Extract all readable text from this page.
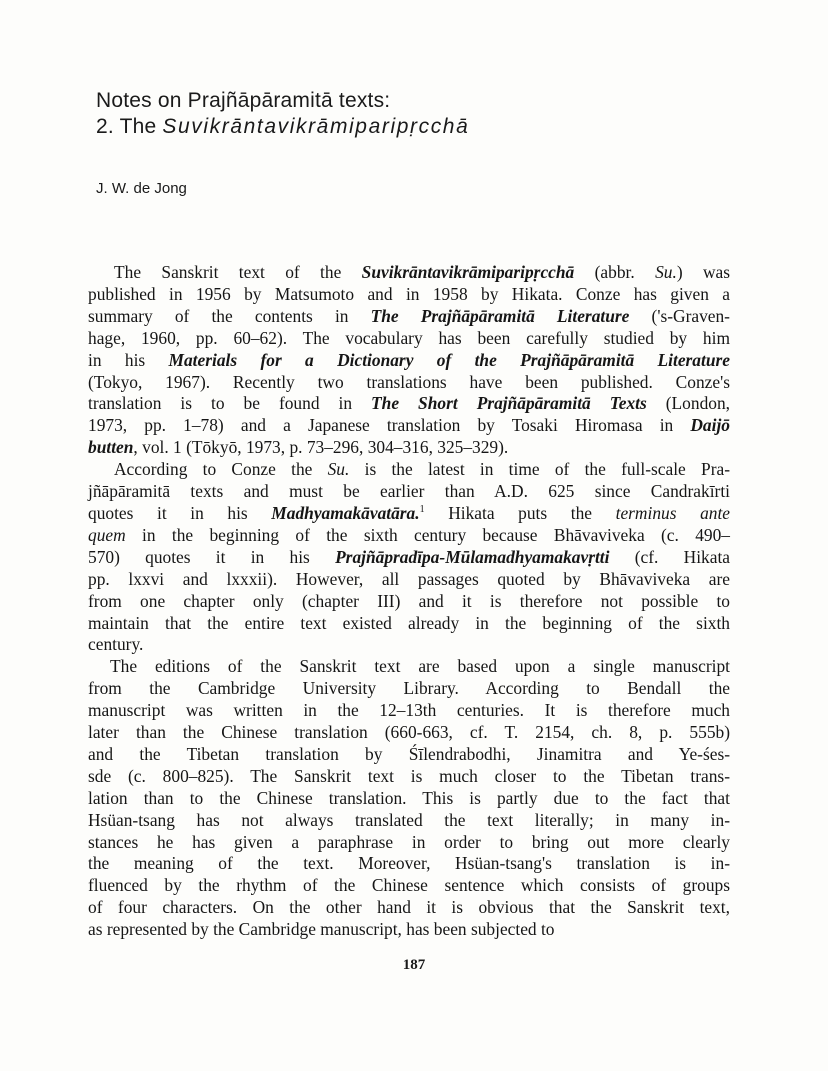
Notes on Prajñāpāramitā texts:
2. The Suvikrāntavikrāmiparipṛcchā
J. W. de Jong
The Sanskrit text of the Suvikrāntavikrāmiparipṛcchā (abbr. Su.) was
published in 1956 by Matsumoto and in 1958 by Hikata. Conze has given a
summary of the contents in The Prajñāpāramitā Literature ('s-Graven-
hage, 1960, pp. 60–62). The vocabulary has been carefully studied by him
in his Materials for a Dictionary of the Prajñāpāramitā Literature
(Tokyo, 1967). Recently two translations have been published. Conze's
translation is to be found in The Short Prajñāpāramitā Texts (London,
1973, pp. 1–78) and a Japanese translation by Tosaki Hiromasa in Daijō
butten, vol. 1 (Tōkyō, 1973, p. 73–296, 304–316, 325–329).
According to Conze the Su. is the latest in time of the full-scale Pra-
jñāpāramitā texts and must be earlier than A.D. 625 since Candrakīrti
quotes it in his Madhyamakāvatāra.$^1$ Hikata puts the terminus ante
quem in the beginning of the sixth century because Bhāvaviveka (c. 490–
570) quotes it in his Prajñāpradīpa-Mūlamadhyamakavṛtti (cf. Hikata
pp. lxxvi and lxxxii). However, all passages quoted by Bhāvaviveka are
from one chapter only (chapter III) and it is therefore not possible to
maintain that the entire text existed already in the beginning of the sixth
century.
The editions of the Sanskrit text are based upon a single manuscript
from the Cambridge University Library. According to Bendall the
manuscript was written in the 12–13th centuries. It is therefore much
later than the Chinese translation (660-663, cf. T. 2154, ch. 8, p. 555b)
and the Tibetan translation by Śīlendrabodhi, Jinamitra and Ye-śes-
sde (c. 800–825). The Sanskrit text is much closer to the Tibetan trans-
lation than to the Chinese translation. This is partly due to the fact that
Hsüan-tsang has not always translated the text literally; in many in-
stances he has given a paraphrase in order to bring out more clearly
the meaning of the text. Moreover, Hsüan-tsang's translation is in-
fluenced by the rhythm of the Chinese sentence which consists of groups
of four characters. On the other hand it is obvious that the Sanskrit text,
as represented by the Cambridge manuscript, has been subjected to
187
